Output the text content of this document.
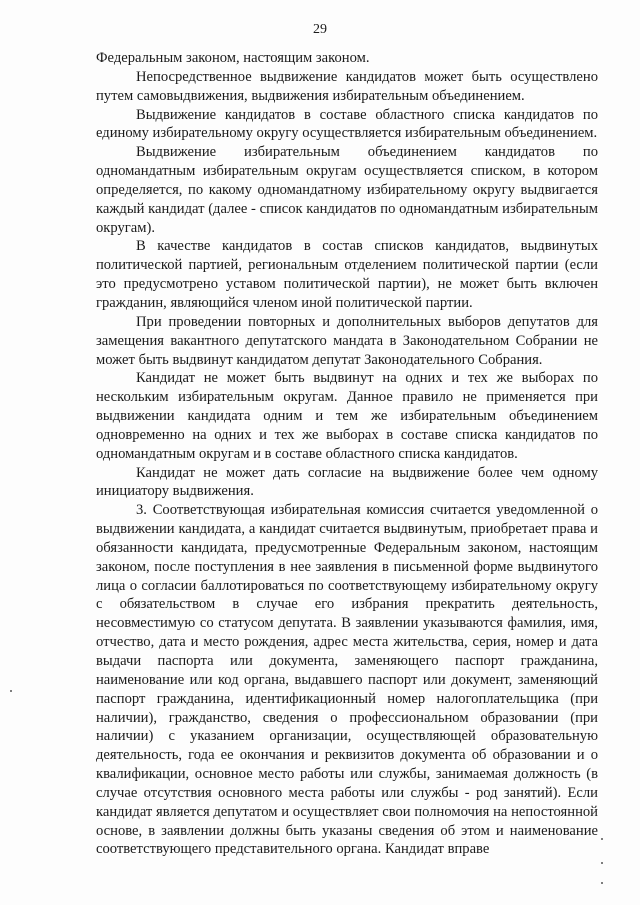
29

Федеральным законом, настоящим законом.

Непосредственное выдвижение кандидатов может быть осуществлено путем самовыдвижения, выдвижения избирательным объединением.

Выдвижение кандидатов в составе областного списка кандидатов по единому избирательному округу осуществляется избирательным объединением.

Выдвижение избирательным объединением кандидатов по одномандатным избирательным округам осуществляется списком, в котором определяется, по какому одномандатному избирательному округу выдвигается каждый кандидат (далее - список кандидатов по одномандатным избирательным округам).

В качестве кандидатов в состав списков кандидатов, выдвинутых политической партией, региональным отделением политической партии (если это предусмотрено уставом политической партии), не может быть включен гражданин, являющийся членом иной политической партии.

При проведении повторных и дополнительных выборов депутатов для замещения вакантного депутатского мандата в Законодательном Собрании не может быть выдвинут кандидатом депутат Законодательного Собрания.

Кандидат не может быть выдвинут на одних и тех же выборах по нескольким избирательным округам. Данное правило не применяется при выдвижении кандидата одним и тем же избирательным объединением одновременно на одних и тех же выборах в составе списка кандидатов по одномандатным округам и в составе областного списка кандидатов.

Кандидат не может дать согласие на выдвижение более чем одному инициатору выдвижения.

3. Соответствующая избирательная комиссия считается уведомленной о выдвижении кандидата, а кандидат считается выдвинутым, приобретает права и обязанности кандидата, предусмотренные Федеральным законом, настоящим законом, после поступления в нее заявления в письменной форме выдвинутого лица о согласии баллотироваться по соответствующему избирательному округу с обязательством в случае его избрания прекратить деятельность, несовместимую со статусом депутата. В заявлении указываются фамилия, имя, отчество, дата и место рождения, адрес места жительства, серия, номер и дата выдачи паспорта или документа, заменяющего паспорт гражданина, наименование или код органа, выдавшего паспорт или документ, заменяющий паспорт гражданина, идентификационный номер налогоплательщика (при наличии), гражданство, сведения о профессиональном образовании (при наличии) с указанием организации, осуществляющей образовательную деятельность, года ее окончания и реквизитов документа об образовании и о квалификации, основное место работы или службы, занимаемая должность (в случае отсутствия основного места работы или службы - род занятий). Если кандидат является депутатом и осуществляет свои полномочия на непостоянной основе, в заявлении должны быть указаны сведения об этом и наименование соответствующего представительного органа. Кандидат вправе
